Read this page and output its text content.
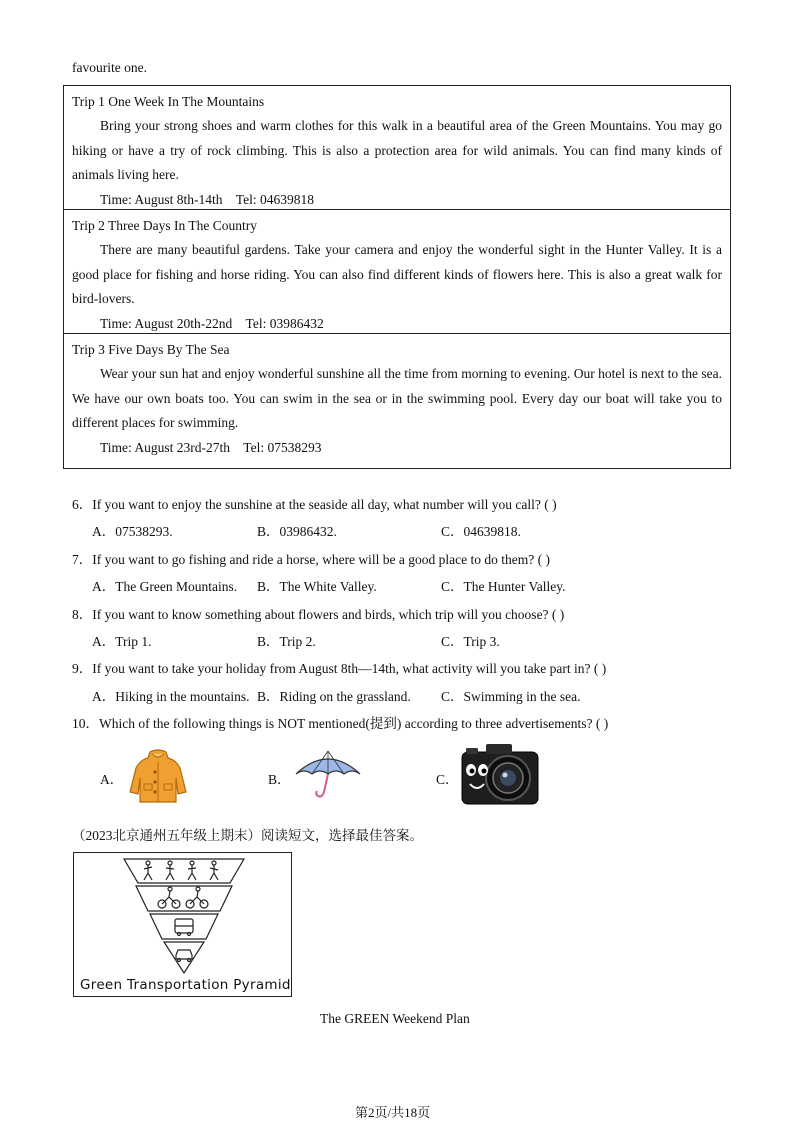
favourite one.
Trip 1 One Week In The Mountains
Bring your strong shoes and warm clothes for this walk in a beautiful area of the Green Mountains. You may go hiking or have a try of rock climbing. This is also a protection area for wild animals. You can find many kinds of animals living here.
Time: August 8th-14th    Tel: 04639818
Trip 2 Three Days In The Country
There are many beautiful gardens. Take your camera and enjoy the wonderful sight in the Hunter Valley. It is a good place for fishing and horse riding. You can also find different kinds of flowers here. This is also a great walk for bird-lovers.
Time: August 20th-22nd    Tel: 03986432
Trip 3 Five Days By The Sea
Wear your sun hat and enjoy wonderful sunshine all the time from morning to evening. Our hotel is next to the sea. We have our own boats too. You can swim in the sea or in the swimming pool. Every day our boat will take you to different places for swimming.
Time: August 23rd-27th    Tel: 07538293
6．If you want to enjoy the sunshine at the seaside all day, what number will you call? ( )
A．07538293.	B．03986432.	C．04639818.
7．If you want to go fishing and ride a horse, where will be a good place to do them? ( )
A．The Green Mountains. B．The White Valley.	C．The Hunter Valley.
8．If you want to know something about flowers and birds, which trip will you choose? ( )
A．Trip 1.	B．Trip 2.	C．Trip 3.
9．If you want to take your holiday from August 8th—14th, what activity will you take part in? ( )
A．Hiking in the mountains. B．Riding on the grassland. C．Swimming in the sea.
10．Which of the following things is NOT mentioned(提到) according to three advertisements? ( )
A．	B．	C．
（2023北京通州五年级上期末）阅读短文，选择最佳答案。
Green Transportation Pyramid
The GREEN Weekend Plan
第2页/共18页
